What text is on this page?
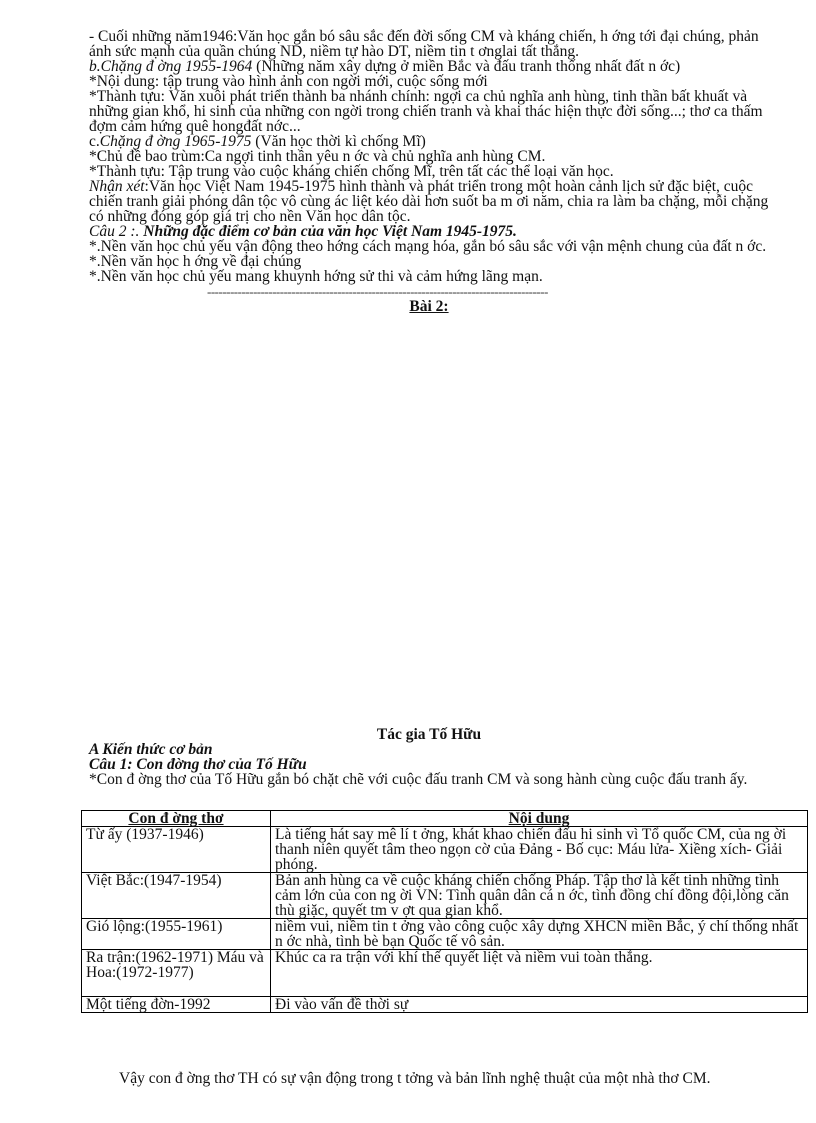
- Cuối những năm1946:Văn học gắn bó sâu sắc đến đời sống CM và kháng chiến, h ớng tới đại chúng, phản ánh sức mạnh của quần chúng ND, niềm tự hào DT, niềm tin t ơnglai tất thắng.

b.Chặng đ ờng 1955-1964 (Những năm xây dựng ở miền Bắc và đấu tranh thống nhất đất n ớc)

*Nội dung: tập trung vào hình ảnh con ngời mới, cuộc sống mới

*Thành tựu: Văn xuôi phát triển thành ba nhánh chính: ngợi ca chủ nghĩa anh hùng, tinh thần bất khuất và những gian khổ, hi sinh của những con ngời trong chiến tranh và khai thác hiện thực đời sống...; thơ ca thấm đợm cảm hứng quê hongđất nớc...

c.Chặng đ ờng 1965-1975 (Văn học thời kì chống Mĩ)

*Chủ đề bao trùm:Ca ngợi tinh thần yêu n ớc và chủ nghĩa anh hùng CM.

*Thành tựu: Tập trung vào cuộc kháng chiến chống Mĩ, trên tất các thể loại văn học.

Nhận xét:Văn học Việt Nam 1945-1975 hình thành và phát triển trong một hoàn cảnh lịch sử đặc biệt, cuộc chiến tranh giải phóng dân tộc vô cùng ác liệt kéo dài hơn suốt ba m ơi năm, chia ra làm ba chặng, mỗi chặng có những đóng góp giá trị cho nền Văn học dân tộc.

Câu 2 :. Những đặc điểm cơ bản của văn học Việt Nam 1945-1975.

*.Nền văn học chủ yếu vận động theo hớng cách mạng hóa, gắn bó sâu sắc với vận mệnh chung của đất n ớc.

*.Nền văn học h ớng về đại chúng

*.Nền văn học chủ yếu mang khuynh hớng sử thi và cảm hứng lãng mạn.

-----------------------------------------------------------------------------------------

Bài 2:

Tác gia Tố Hữu

A Kiến thức cơ bản

Câu 1: Con đờng thơ của Tố Hữu

*Con đ ờng thơ của Tố Hữu gắn bó chặt chẽ với cuộc đấu tranh CM và song hành cùng cuộc đấu tranh ấy.

Con đ ờng thơ	Nội dung
Từ ấy (1937-1946)	Là tiếng hát say mê lí t ởng, khát khao chiến đấu hi sinh vì Tổ quốc CM, của ng ời thanh niên quyết tâm theo ngọn cờ của Đảng - Bố cục: Máu lửa- Xiềng xích- Giải phóng.
Việt Bắc:(1947-1954)	Bản anh hùng ca về cuộc kháng chiến chống Pháp. Tập thơ là kết tinh những tình cảm lớn của con ng ời VN: Tình quân dân cá n ớc, tình đồng chí đồng đội,lòng căn thù giặc, quyết tm v ợt qua gian khổ.
Gió lộng:(1955-1961)	niềm vui, niềm tin t ởng vào công cuộc xây dựng XHCN miền Bắc, ý chí thống nhất n ớc nhà, tình bè bạn Quốc tế vô sản.
Ra trận:(1962-1971) Máu và Hoa:(1972-1977)	Khúc ca ra trận với khí thế quyết liệt và niềm vui toàn thắng.
Một tiếng đờn-1992	Đi vào vấn đề thời sự

Vậy con đ ờng thơ TH có sự vận động trong t tởng và bản lĩnh nghệ thuật của một nhà thơ CM.
